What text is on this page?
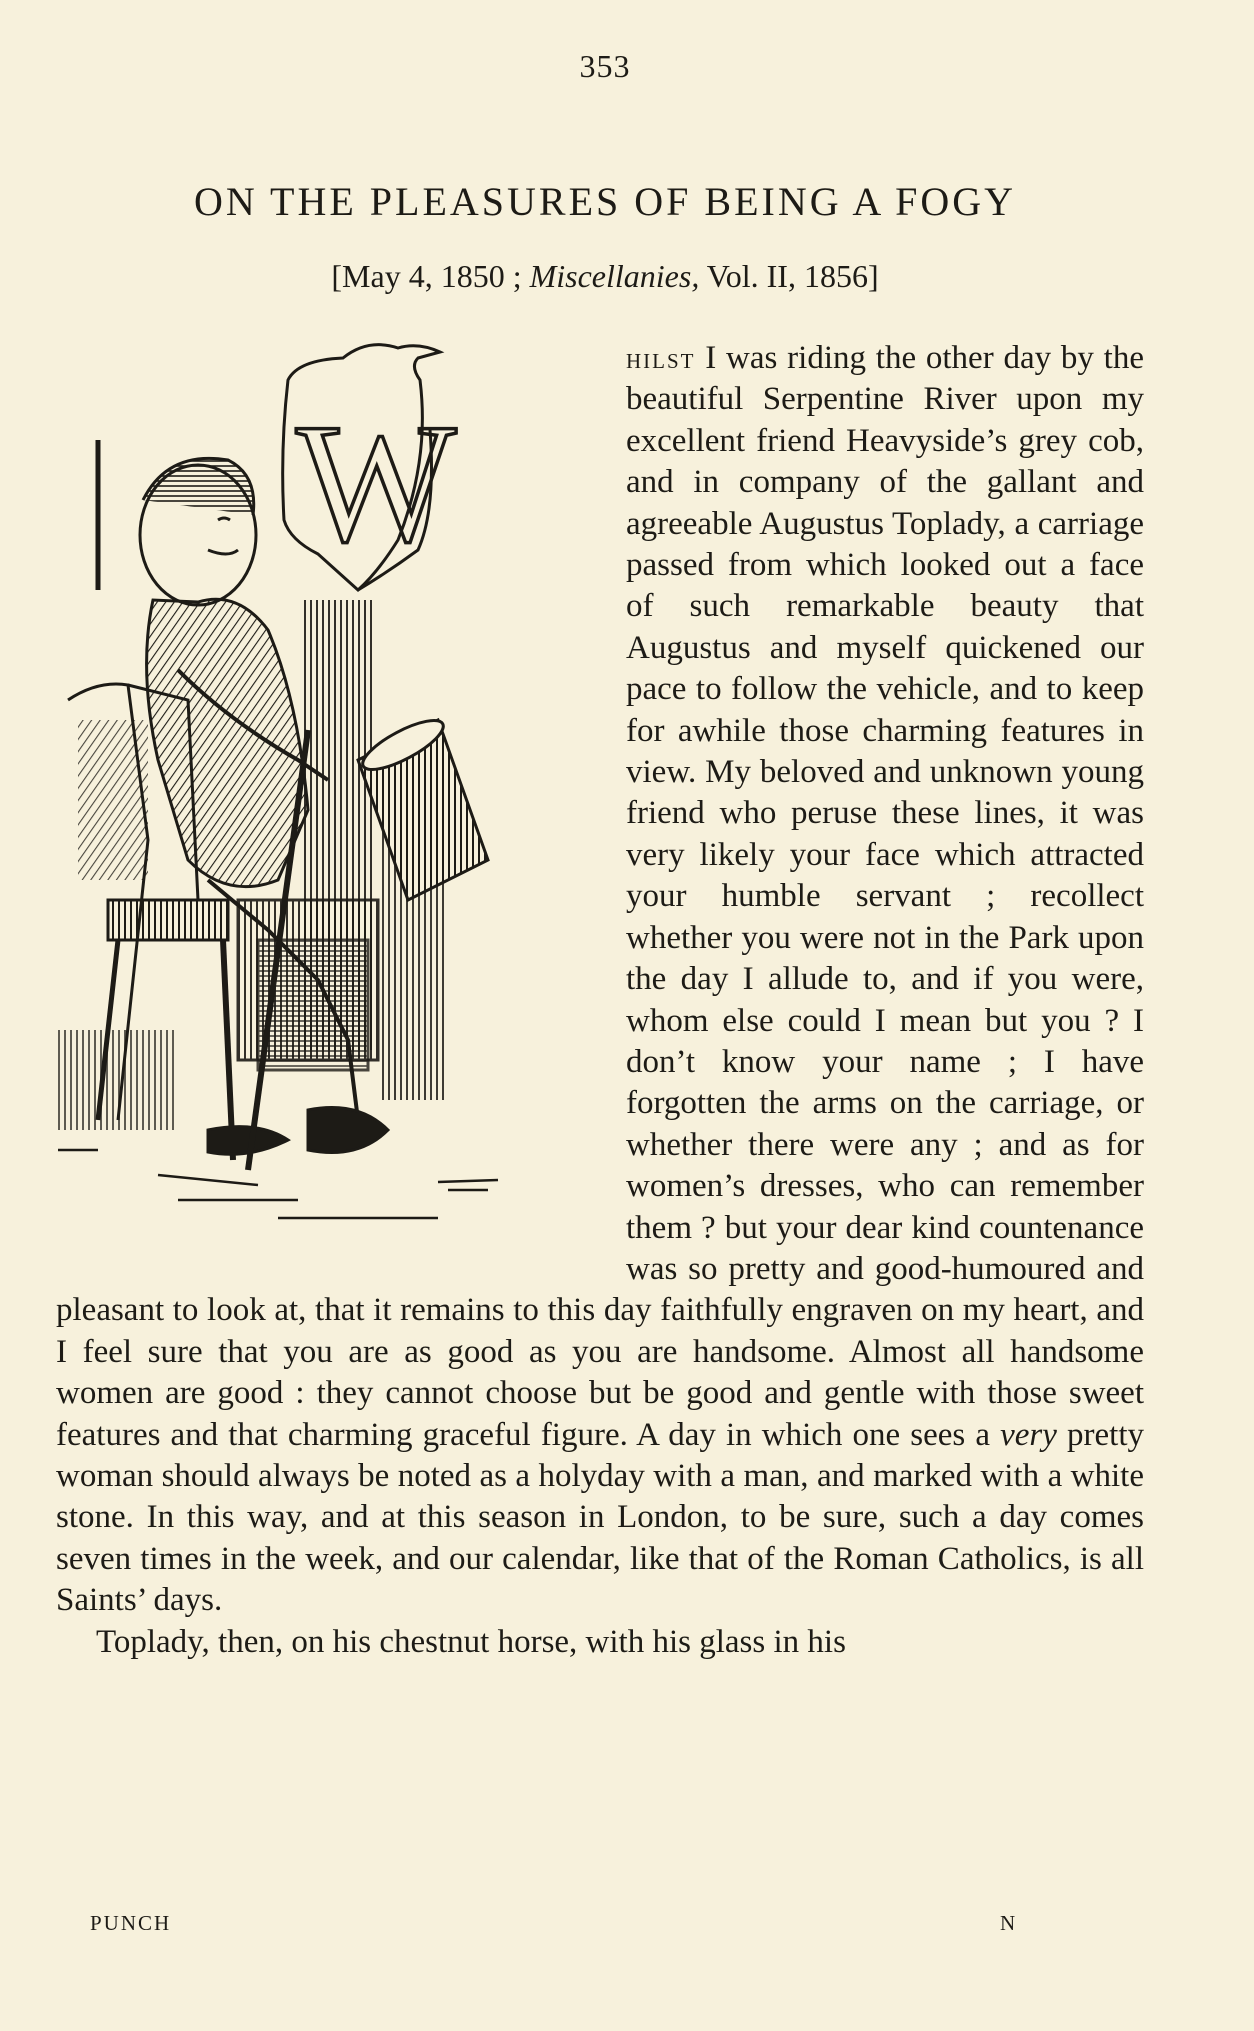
353
ON THE PLEASURES OF BEING A FOGY
[May 4, 1850 ; Miscellanies, Vol. II, 1856]
W

hilst I was riding the other day by the beautiful Serpentine River upon my excellent friend Heavyside’s grey cob, and in company of the gallant and agreeable Augustus Toplady, a carriage passed from which looked out a face of such remarkable beauty that Augustus and myself quickened our pace to follow the vehicle, and to keep for awhile those charming features in view. My beloved and unknown young friend who peruse these lines, it was very likely your face which attracted your humble servant ; recollect whether you were not in the Park upon the day I allude to, and if you were, whom else could I mean but you ? I don’t know your name ; I have forgotten the arms on the carriage, or whether there were any ; and as for women’s dresses, who can remember them ? but your dear kind countenance was so pretty and good-humoured and pleasant to look at, that it remains to this day faithfully engraven on my heart, and I feel sure that you are as good as you are handsome. Almost all handsome women are good : they cannot choose but be good and gentle with those sweet features and that charming graceful figure. A day in which one sees a very pretty woman should always be noted as a holyday with a man, and marked with a white stone. In this way, and at this season in London, to be sure, such a day comes seven times in the week, and our calendar, like that of the Roman Catholics, is all Saints’ days.

Toplady, then, on his chestnut horse, with his glass in his

PUNCH	N
